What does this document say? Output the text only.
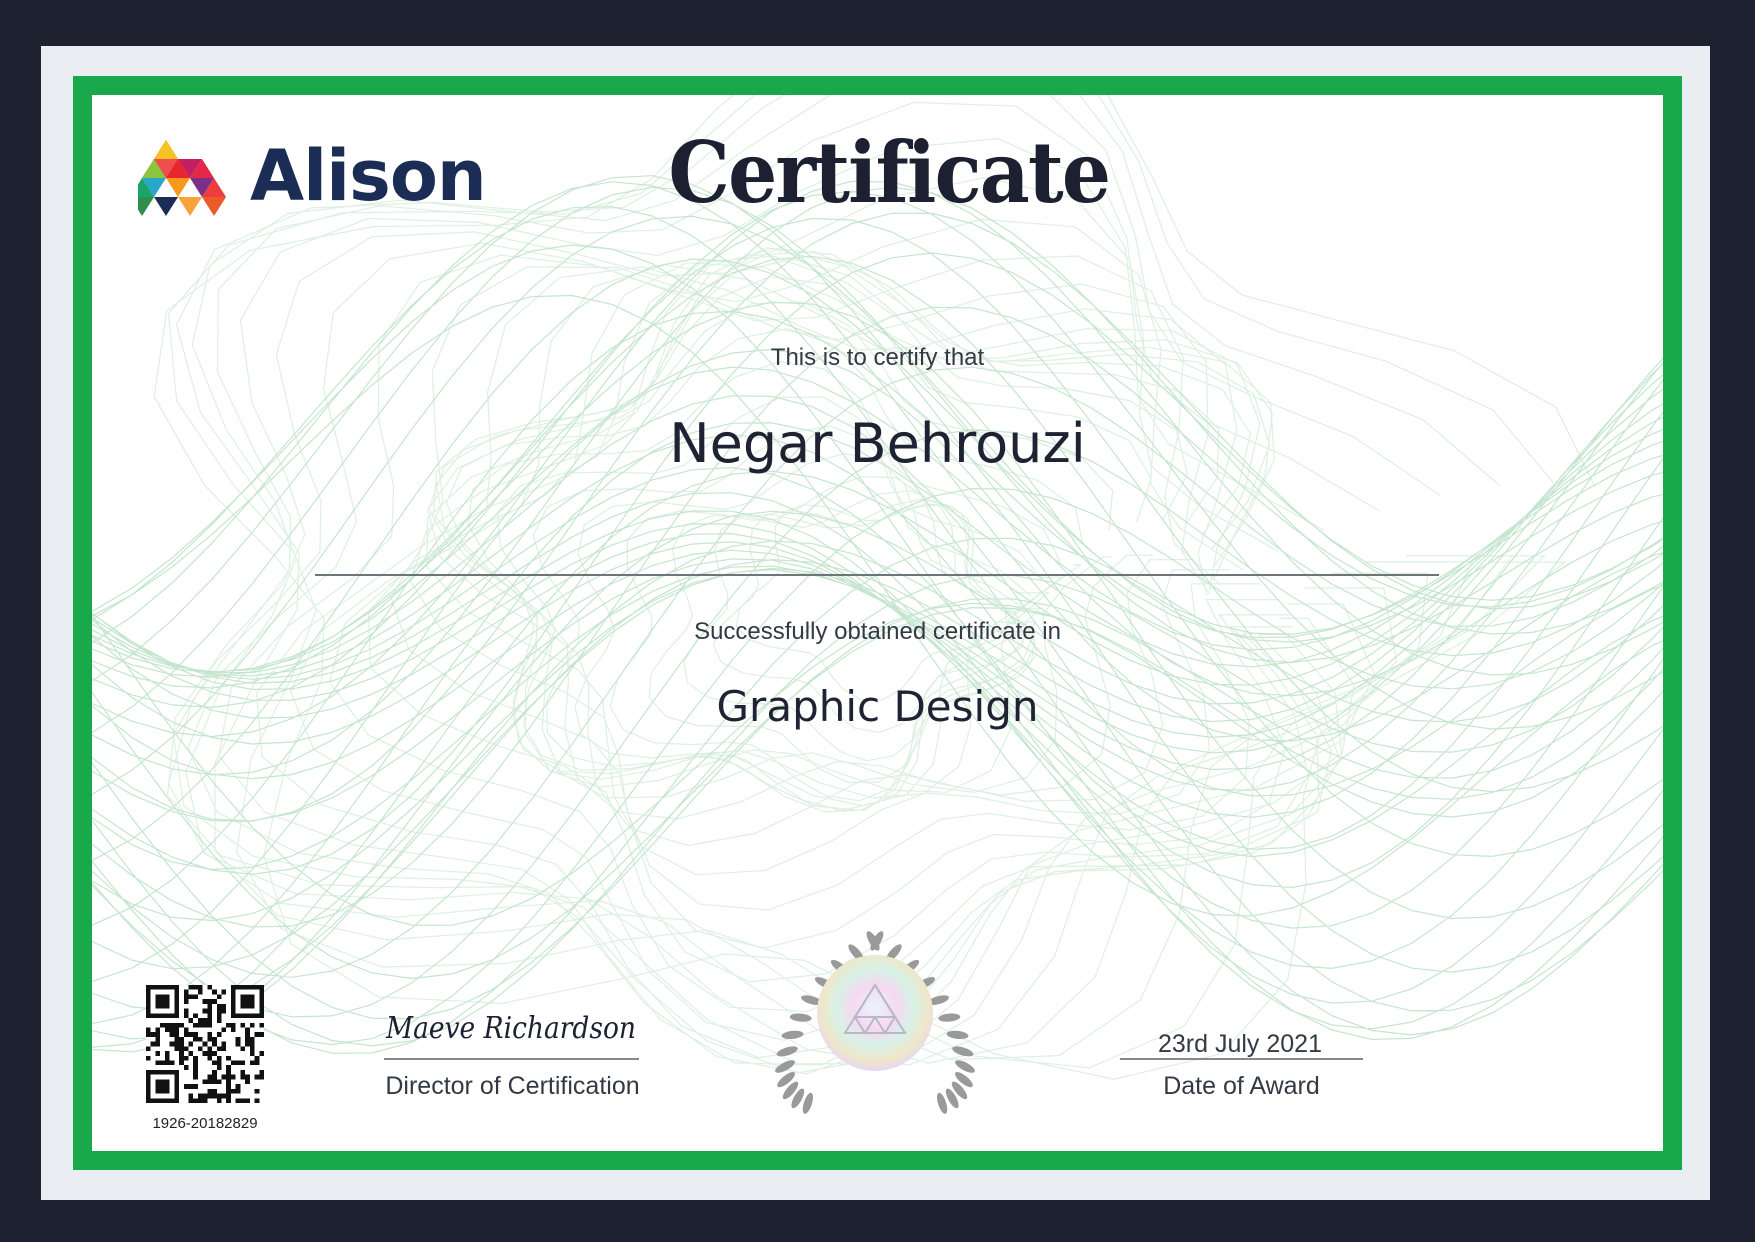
Alison Certificate
This is to certify that
Negar Behrouzi
Successfully obtained certificate in
Graphic Design
1926-20182829
Maeve Richardson
Director of Certification
23rd July 2021
Date of Award
